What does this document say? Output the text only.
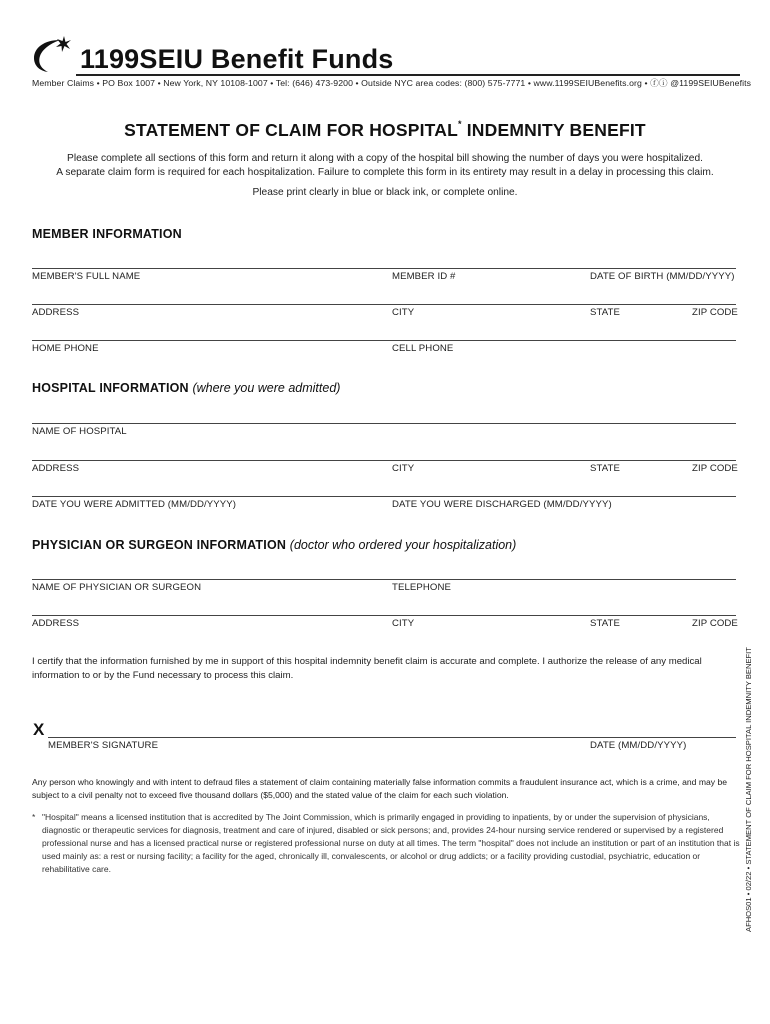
1199SEIU Benefit Funds
Member Claims • PO Box 1007 • New York, NY 10108-1007 • Tel: (646) 473-9200 • Outside NYC area codes: (800) 575-7771 • www.1199SEIUBenefits.org • ⓕⓘ @1199SEIUBenefits
STATEMENT OF CLAIM FOR HOSPITAL* INDEMNITY BENEFIT
Please complete all sections of this form and return it along with a copy of the hospital bill showing the number of days you were hospitalized.
A separate claim form is required for each hospitalization. Failure to complete this form in its entirety may result in a delay in processing this claim.
Please print clearly in blue or black ink, or complete online.
MEMBER INFORMATION
MEMBER'S FULL NAME	MEMBER ID #	DATE OF BIRTH (MM/DD/YYYY)
ADDRESS	CITY	STATE	ZIP CODE
HOME PHONE	CELL PHONE
HOSPITAL INFORMATION (where you were admitted)
NAME OF HOSPITAL
ADDRESS	CITY	STATE	ZIP CODE
DATE YOU WERE ADMITTED (MM/DD/YYYY)	DATE YOU WERE DISCHARGED (MM/DD/YYYY)
PHYSICIAN OR SURGEON INFORMATION (doctor who ordered your hospitalization)
NAME OF PHYSICIAN OR SURGEON	TELEPHONE
ADDRESS	CITY	STATE	ZIP CODE
I certify that the information furnished by me in support of this hospital indemnity benefit claim is accurate and complete. I authorize the release of any medical information to or by the Fund necessary to process this claim.
X
MEMBER'S SIGNATURE	DATE (MM/DD/YYYY)
Any person who knowingly and with intent to defraud files a statement of claim containing materially false information commits a fraudulent insurance act, which is a crime, and may be subject to a civil penalty not to exceed five thousand dollars ($5,000) and the stated value of the claim for each such violation.
* "Hospital" means a licensed institution that is accredited by The Joint Commission, which is primarily engaged in providing to inpatients, by or under the supervision of physicians, diagnostic or therapeutic services for diagnosis, treatment and care of injured, disabled or sick persons; and, provides 24-hour nursing service rendered or supervised by a registered professional nurse and has a licensed practical nurse or registered professional nurse on duty at all times. The term "hospital" does not include an institution or part of an institution that is used mainly as: a rest or nursing facility; a facility for the aged, chronically ill, convalescents, or alcohol or drug addicts; or a facility providing custodial, psychiatric, education or rehabilitative care.	AFHOS01 • 02/22 • STATEMENT OF CLAIM FOR HOSPITAL INDEMNITY BENEFIT
